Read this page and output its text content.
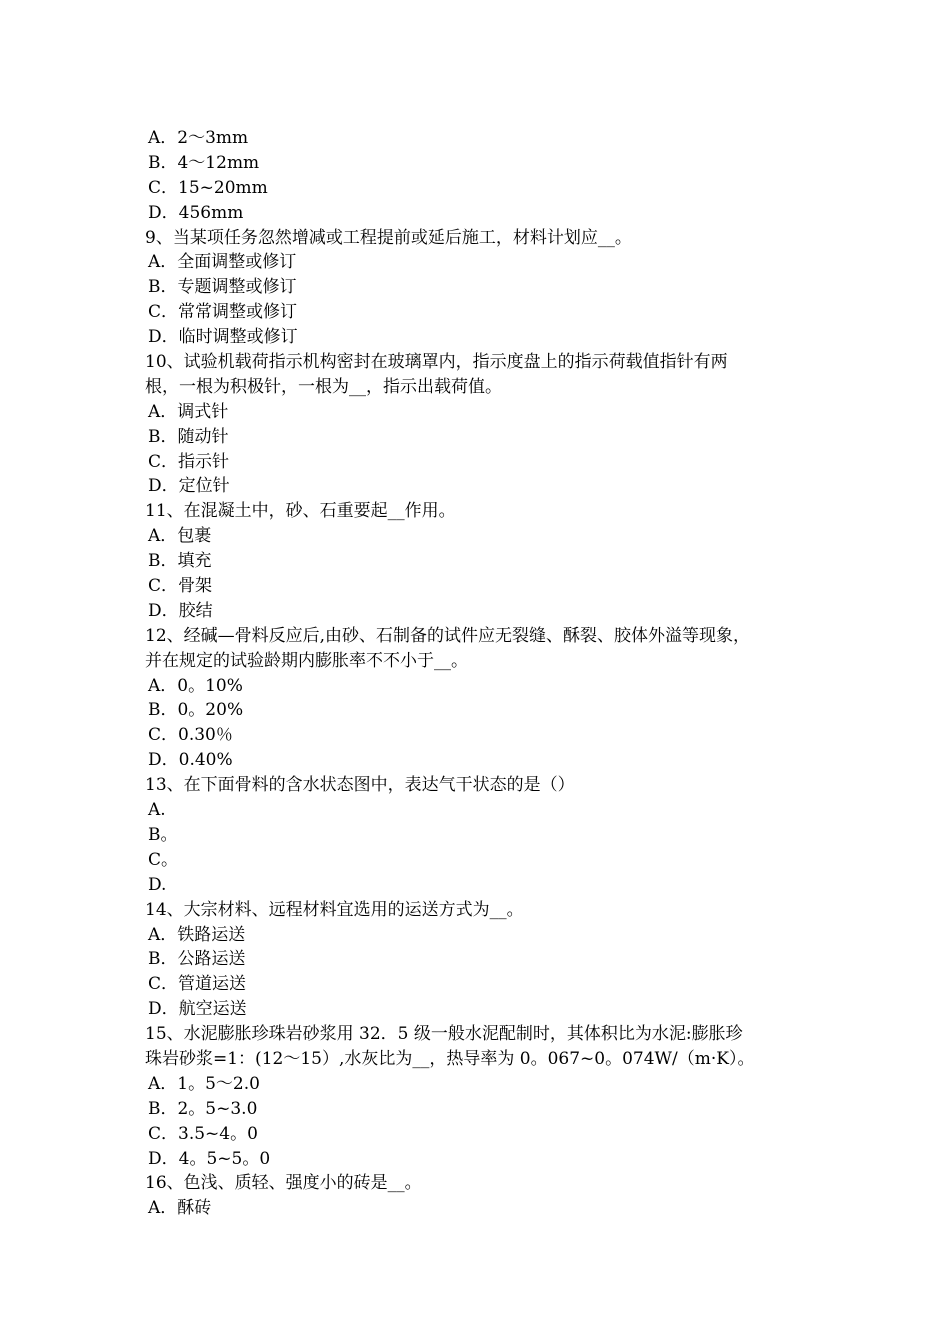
A．2～3mm
B．4～12mm
C．15~20mm
D．456mm
9、当某项任务忽然增减或工程提前或延后施工，材料计划应__。
A．全面调整或修订
B．专题调整或修订
C．常常调整或修订
D．临时调整或修订
10、试验机载荷指示机构密封在玻璃罩内，指示度盘上的指示荷载值指针有两
根，一根为积极针，一根为__，指示出载荷值。
A．调式针
B．随动针
C．指示针
D．定位针
11、在混凝土中，砂、石重要起__作用。
A．包裹
B．填充
C．骨架
D．胶结
12、经碱—骨料反应后,由砂、石制备的试件应无裂缝、酥裂、胶体外溢等现象，
并在规定的试验龄期内膨胀率不不小于__。
A．0。10%
B．0。20%
C．0.30％
D．0.40%
13、在下面骨料的含水状态图中，表达气干状态的是（）
A.
B。
C。
D.
14、大宗材料、远程材料宜选用的运送方式为__。
A．铁路运送
B．公路运送
C．管道运送
D．航空运送
15、水泥膨胀珍珠岩砂浆用 32．5 级一般水泥配制时，其体积比为水泥:膨胀珍
珠岩砂浆=1：(12～15）,水灰比为__，热导率为 0。067~0。074W/（m·K）。
A．1。5～2.0
B．2。5~3.0
C．3.5~4。0
D．4。5~5。0
16、色浅、质轻、强度小的砖是__。
A．酥砖
